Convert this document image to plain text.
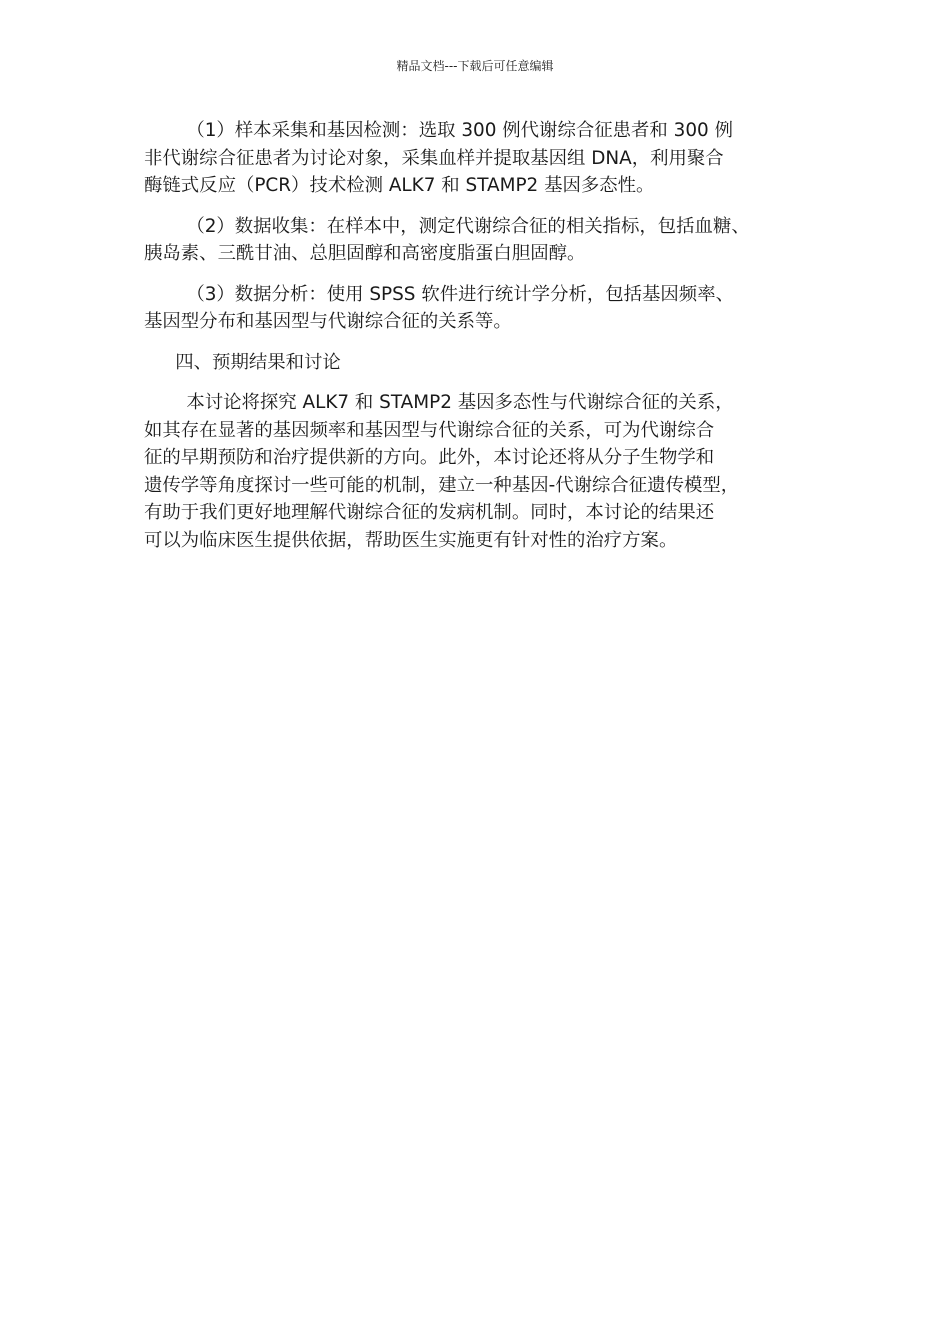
精品文档---下载后可任意编辑

（1）样本采集和基因检测：选取 300 例代谢综合征患者和 300 例
非代谢综合征患者为讨论对象，采集血样并提取基因组 DNA，利用聚合
酶链式反应（PCR）技术检测 ALK7 和 STAMP2 基因多态性。

（2）数据收集：在样本中，测定代谢综合征的相关指标，包括血糖、
胰岛素、三酰甘油、总胆固醇和高密度脂蛋白胆固醇。

（3）数据分析：使用 SPSS 软件进行统计学分析，包括基因频率、
基因型分布和基因型与代谢综合征的关系等。

四、预期结果和讨论

本讨论将探究 ALK7 和 STAMP2 基因多态性与代谢综合征的关系，
如其存在显著的基因频率和基因型与代谢综合征的关系，可为代谢综合
征的早期预防和治疗提供新的方向。此外，本讨论还将从分子生物学和
遗传学等角度探讨一些可能的机制，建立一种基因-代谢综合征遗传模型，
有助于我们更好地理解代谢综合征的发病机制。同时，本讨论的结果还
可以为临床医生提供依据，帮助医生实施更有针对性的治疗方案。
